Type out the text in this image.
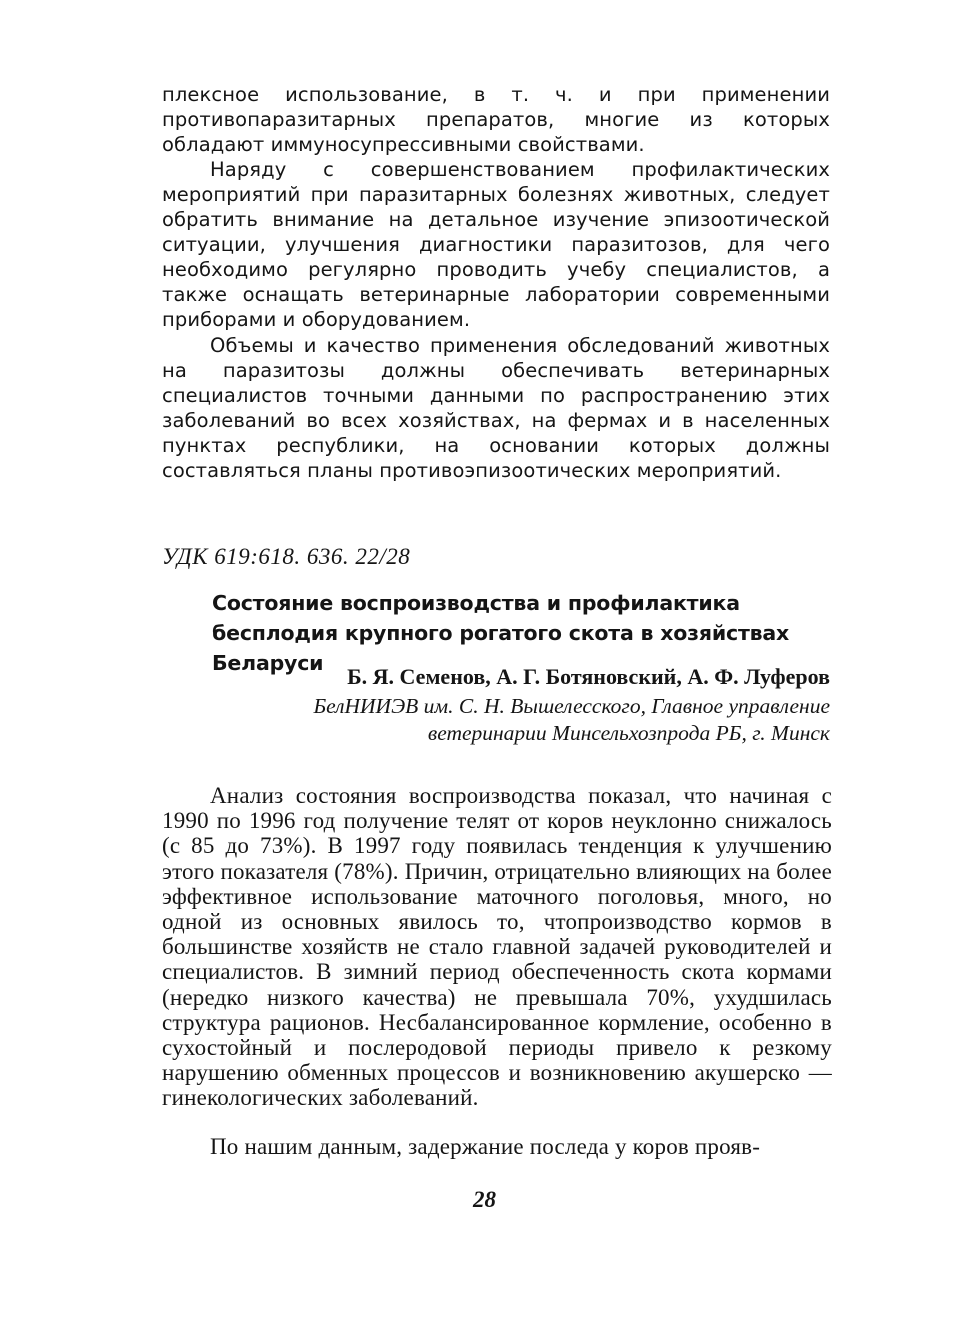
плексное использование, в т. ч. и при применении противопаразитарных препаратов, многие из которых обладают иммуносупрессивными свойствами.

Наряду с совершенствованием профилактических мероприятий при паразитарных болезнях животных, следует обратить внимание на детальное изучение эпизоотической ситуации, улучшения диагностики паразитозов, для чего необходимо регулярно проводить учебу специалистов, а также оснащать ветеринарные лаборатории современными приборами и оборудованием.

Объемы и качество применения обследований животных на паразитозы должны обеспечивать ветеринарных специалистов точными данными по распространению этих заболеваний во всех хозяйствах, на фермах и в населенных пунктах республики, на основании которых должны составляться планы противоэпизоотических мероприятий.

УДК 619:618. 636. 22/28

Состояние воспроизводства и профилактика бесплодия крупного рогатого скота в хозяйствах Беларуси

Б. Я. Семенов, А. Г. Ботяновский, А. Ф. Луферов

БелНИИЭВ им. С. Н. Вышелесского, Главное управление ветеринарии Минсельхозпрода РБ, г. Минск

Анализ состояния воспроизводства показал, что начиная с 1990 по 1996 год получение телят от коров неуклонно снижалось (с 85 до 73%). В 1997 году появилась тенденция к улучшению этого показателя (78%). Причин, отрицательно влияющих на более эффективное использование маточного поголовья, много, но одной из основных явилось то, чтопроизводство кормов в большинстве хозяйств не стало главной задачей руководителей и специалистов. В зимний период обеспеченность скота кормами (нередко низкого качества) не превышала 70%, ухудшилась структура рационов. Несбалансированное кормление, особенно в сухостойный и послеродовой периоды привело к резкому нарушению обменных процессов и возникновению акушерско — гинекологических заболеваний.

По нашим данным, задержание последа у коров прояв-

28
